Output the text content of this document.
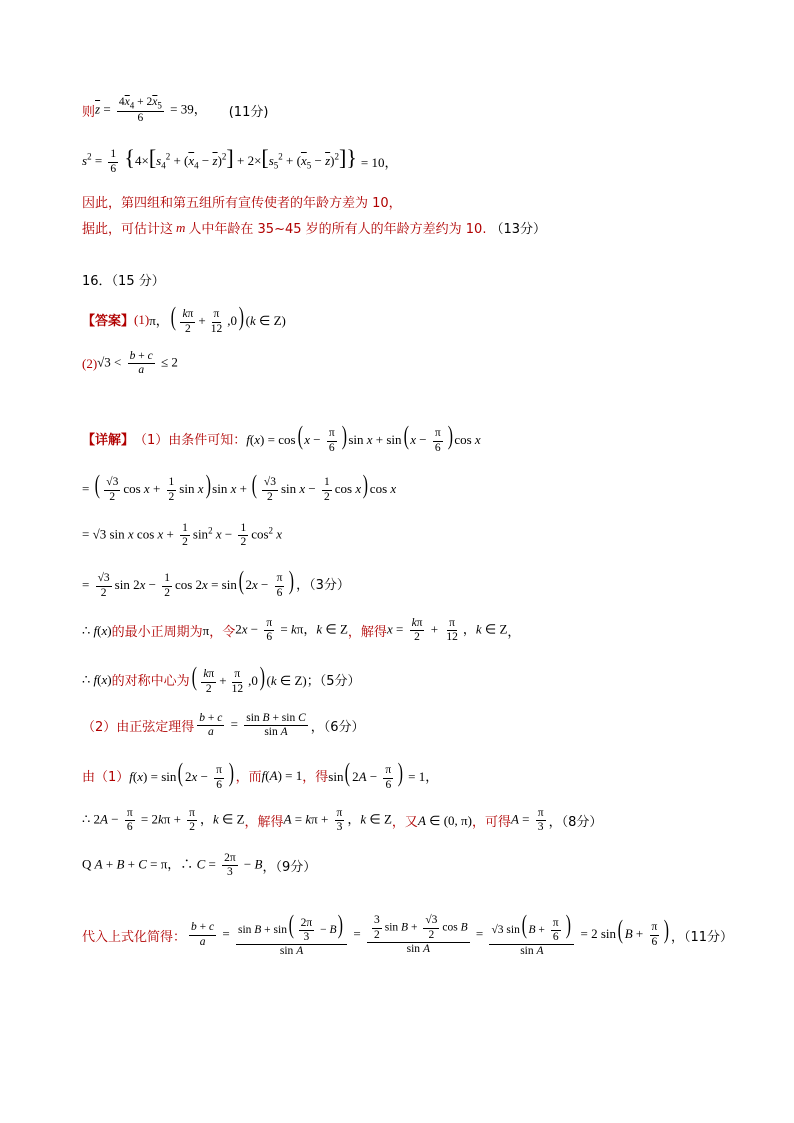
则 $\overline{z} = \frac{4\overline{x}_4 + 2\overline{x}_5}{6} = 39$， (11分)
$s^2 = \frac{1}{6} \{4\times[s_4^2 + (\overline{x}_4 - \overline{z})^2] + 2\times[s_5^2 + (\overline{x}_5 - \overline{z})^2]\} = 10$，
因此，第四组和第五组所有宣传使者的年龄方差为 10，
据此，可估计这 m 人中年龄在 35~45 岁的所有人的年龄方差约为 10. （13分）
16．（15 分）
【答案】 (1) π， ( $\frac{k\pi}{2} + \frac{\pi}{12} ,0$) (k ∈ Z)
(2) $√3 < \frac{b + c}{a} \le 2$
【详解】 （1）由条件可知： f(x) = cos( $x - \frac{\pi}{6}$ ) sin x + sin( $x - \frac{\pi}{6}$ ) cos x
= ( $\frac{√3}{2}$ $\cos x + \frac{1}{2}$ sin x) sin x + ( $\frac{√3}{2}$ $\sin x - \frac{1}{2}$ cos x) cos x
= √3 sin x $\cos x + \frac{1}{2} \sin^2 x - \frac{1}{2} \cos^2 x$
= $\frac{√3}{2}$ $\sin 2x - \frac{1}{2}$ cos 2x = sin( $2x - \frac{\pi}{6}$ ) ，（3分）
∴ f(x) 的最小正周期为 π ，令 $2x - \frac{\pi}{6} = k\pi$，k ∈ Z ，解得 $x = \frac{k\pi}{2} + \frac{\pi}{12}$ ，k ∈ Z ，
∴ f(x) 的对称中心为 ( $\frac{k\pi}{2} + \frac{\pi}{12} ,0$) (k ∈ Z) ；（5分）
（2）由正弦定理得 $\frac{b + c}{a} = \frac{\text{sin B + sin C}}{\text{sin A}}$ ，（6分）
由（1） f(x) = sin( $2x - \frac{\pi}{6}$ ) ，而 f(A) = 1 ，得 sin( $2A - \frac{\pi}{6}$ ) = 1 ，
∴ $2A - \frac{\pi}{6} = 2k\pi + \frac{\pi}{2}$ ，k ∈ Z ，解得 $A = k\pi + \frac{\pi}{3}$ ，k ∈ Z ，又 A ∈ (0, π) ，可得 $A = \frac{\pi}{3}$ ，（8分）
Q A + B + C = π，∴ $C = \frac{2\pi}{3} - B$ ，（9分）
代入上式化简得： $\frac{b + c}{a} = \frac{\sin B + \sin( \frac{2\pi}{3} - B)}{\text{sin A}} = \frac{\frac{3}{2} \sin B + \frac{√3}{2} \cos B}{\text{sin A}} = \frac{√3 \sin( B + \frac{\pi}{6} )}{\text{sin A}} = 2$ sin( $B + \frac{\pi}{6}$ ) ，（11分）
